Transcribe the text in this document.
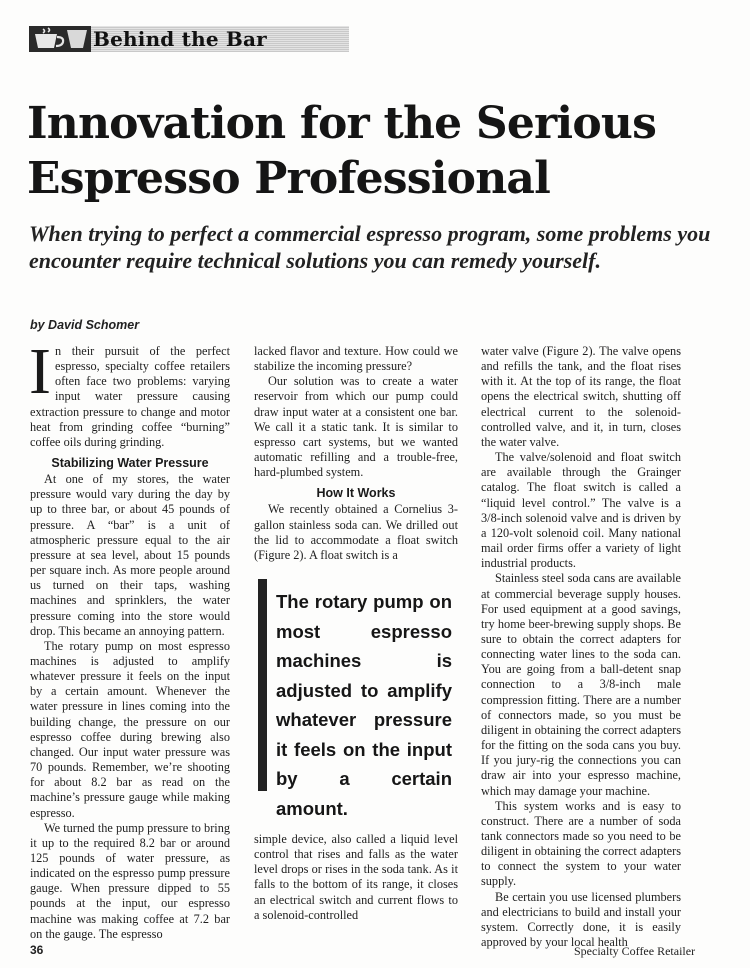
Behind the Bar
Innovation for the Serious Espresso Professional

When trying to perfect a commercial espresso program, some problems you encounter require technical solutions you can remedy yourself.

by David Schomer

In their pursuit of the perfect espresso, specialty coffee retailers often face two problems: varying input water pressure causing extraction pressure to change and motor heat from grinding coffee “burning” coffee oils during grinding.

Stabilizing Water Pressure

At one of my stores, the water pressure would vary during the day by up to three bar, or about 45 pounds of pressure. A “bar” is a unit of atmospheric pressure equal to the air pressure at sea level, about 15 pounds per square inch. As more people around us turned on their taps, washing machines and sprinklers, the water pressure coming into the store would drop. This became an annoying pattern.

The rotary pump on most espresso machines is adjusted to amplify whatever pressure it feels on the input by a certain amount. Whenever the water pressure in lines coming into the building change, the pressure on our espresso coffee during brewing also changed. Our input water pressure was 70 pounds. Remember, we’re shooting for about 8.2 bar as read on the machine’s pressure gauge while making espresso.

We turned the pump pressure to bring it up to the required 8.2 bar or around 125 pounds of water pressure, as indicated on the espresso pump pressure gauge. When pressure dipped to 55 pounds at the input, our espresso machine was making coffee at 7.2 bar on the gauge. The espresso

lacked flavor and texture. How could we stabilize the incoming pressure?

Our solution was to create a water reservoir from which our pump could draw input water at a consistent one bar. We call it a static tank. It is similar to espresso cart systems, but we wanted automatic refilling and a trouble-free, hard-plumbed system.

How It Works

We recently obtained a Cornelius 3-gallon stainless soda can. We drilled out the lid to accommodate a float switch (Figure 2). A float switch is a

The rotary pump on most espresso machines is adjusted to amplify whatever pressure it feels on the input by a certain amount.

simple device, also called a liquid level control that rises and falls as the water level drops or rises in the soda tank. As it falls to the bottom of its range, it closes an electrical switch and current flows to a solenoid-controlled

water valve (Figure 2). The valve opens and refills the tank, and the float rises with it. At the top of its range, the float opens the electrical switch, shutting off electrical current to the solenoid-controlled valve, and it, in turn, closes the water valve.

The valve/solenoid and float switch are available through the Grainger catalog. The float switch is called a “liquid level control.” The valve is a 3/8-inch solenoid valve and is driven by a 120-volt solenoid coil. Many national mail order firms offer a variety of light industrial products.

Stainless steel soda cans are available at commercial beverage supply houses. For used equipment at a good savings, try home beer-brewing supply shops. Be sure to obtain the correct adapters for connecting water lines to the soda can. You are going from a ball-detent snap connection to a 3/8-inch male compression fitting. There are a number of connectors made, so you must be diligent in obtaining the correct adapters for the fitting on the soda cans you buy. If you jury-rig the connections you can draw air into your espresso machine, which may damage your machine.

This system works and is easy to construct. There are a number of soda tank connectors made so you need to be diligent in obtaining the correct adapters to connect the system to your water supply.

Be certain you use licensed plumbers and electricians to build and install your system. Correctly done, it is easily approved by your local health

36	Specialty Coffee Retailer
